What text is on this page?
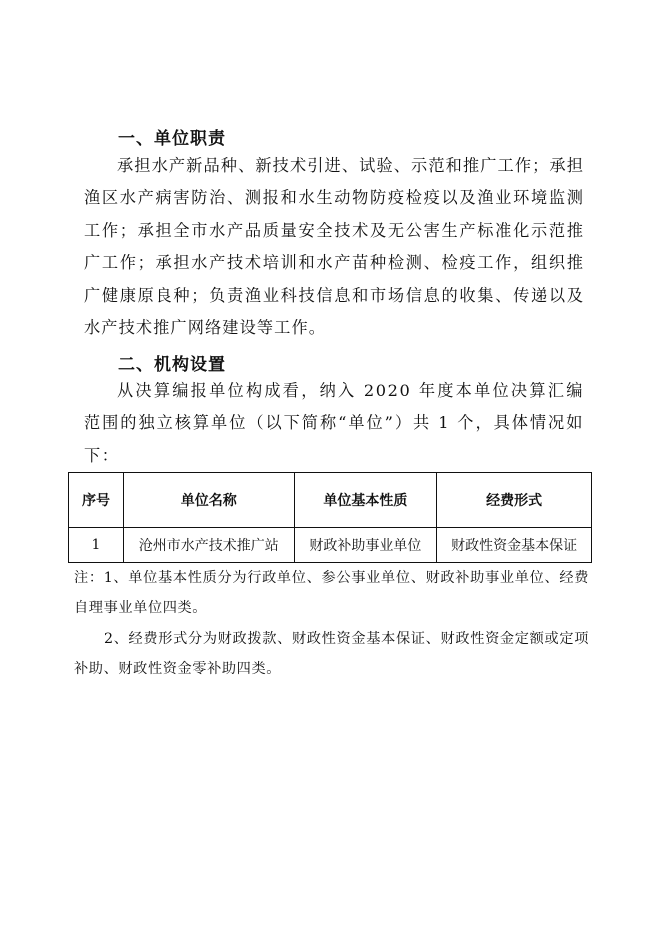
一、单位职责

承担水产新品种、新技术引进、试验、示范和推广工作；承担渔区水产病害防治、测报和水生动物防疫检疫以及渔业环境监测工作；承担全市水产品质量安全技术及无公害生产标准化示范推广工作；承担水产技术培训和水产苗种检测、检疫工作，组织推广健康原良种；负责渔业科技信息和市场信息的收集、传递以及水产技术推广网络建设等工作。

二、机构设置

从决算编报单位构成看，纳入 2020 年度本单位决算汇编范围的独立核算单位（以下简称“单位”）共 1 个，具体情况如下：

序号	单位名称	单位基本性质	经费形式
1	沧州市水产技术推广站	财政补助事业单位	财政性资金基本保证

注：1、单位基本性质分为行政单位、参公事业单位、财政补助事业单位、经费自理事业单位四类。

2、经费形式分为财政拨款、财政性资金基本保证、财政性资金定额或定项补助、财政性资金零补助四类。
